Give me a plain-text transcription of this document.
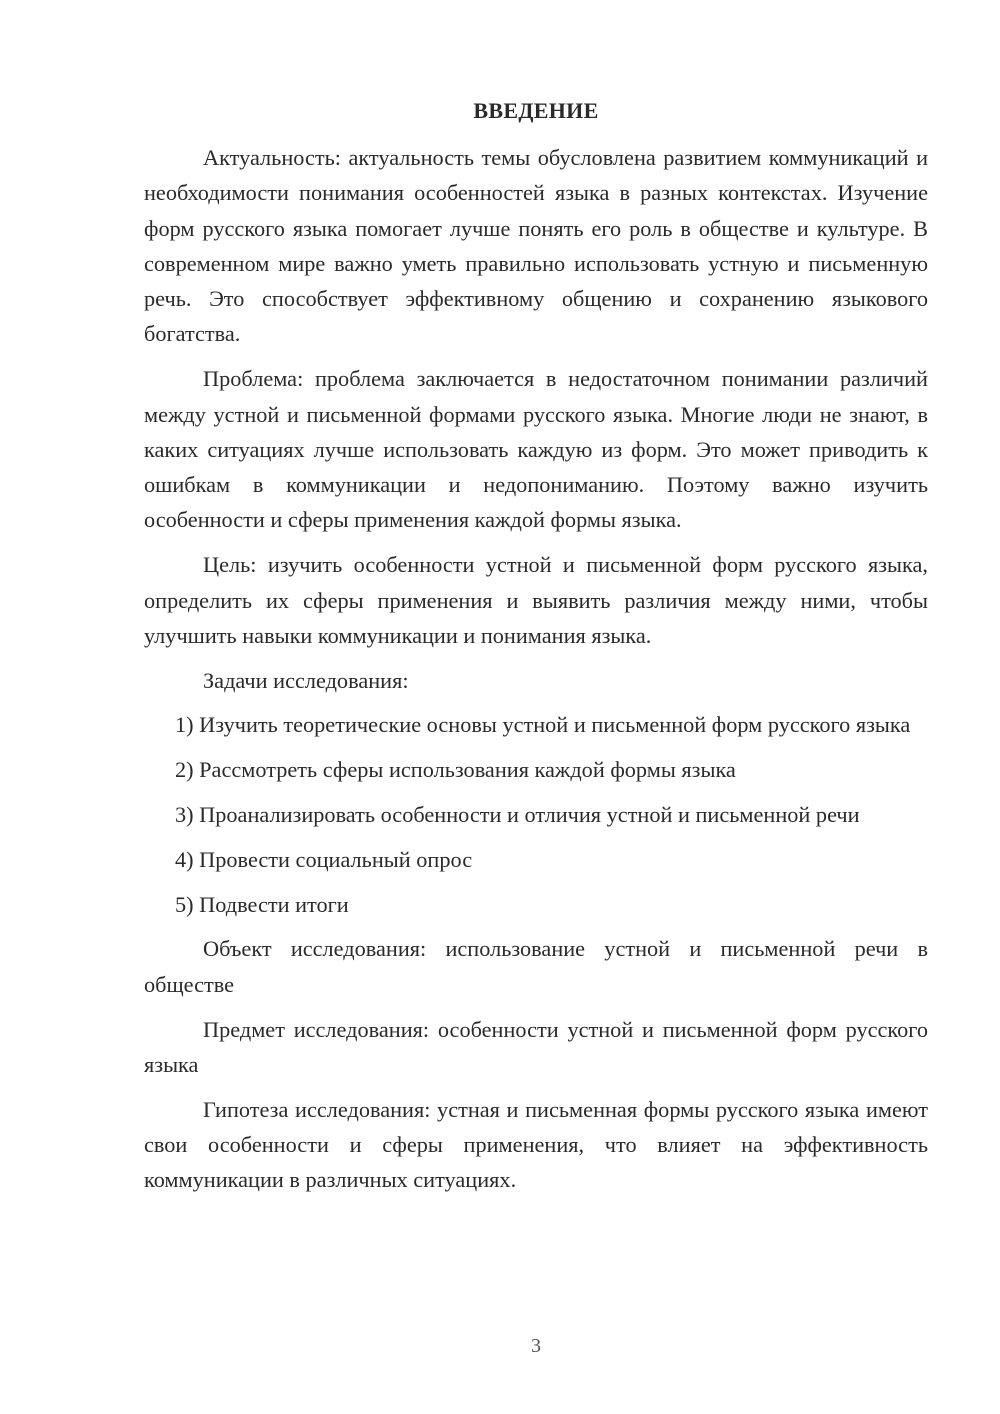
ВВЕДЕНИЕ

Актуальность: актуальность темы обусловлена развитием коммуникаций и необходимости понимания особенностей языка в разных контекстах. Изучение форм русского языка помогает лучше понять его роль в обществе и культуре. В современном мире важно уметь правильно использовать устную и письменную речь. Это способствует эффективному общению и сохранению языкового богатства.

Проблема: проблема заключается в недостаточном понимании различий между устной и письменной формами русского языка. Многие люди не знают, в каких ситуациях лучше использовать каждую из форм. Это может приводить к ошибкам в коммуникации и недопониманию. Поэтому важно изучить особенности и сферы применения каждой формы языка.

Цель: изучить особенности устной и письменной форм русского языка, определить их сферы применения и выявить различия между ними, чтобы улучшить навыки коммуникации и понимания языка.

Задачи исследования:

1) Изучить теоретические основы устной и письменной форм русского языка

2) Рассмотреть сферы использования каждой формы языка

3) Проанализировать особенности и отличия устной и письменной речи

4) Провести социальный опрос

5) Подвести итоги

Объект исследования: использование устной и письменной речи в обществе

Предмет исследования: особенности устной и письменной форм русского языка

Гипотеза исследования: устная и письменная формы русского языка имеют свои особенности и сферы применения, что влияет на эффективность коммуникации в различных ситуациях.

3
